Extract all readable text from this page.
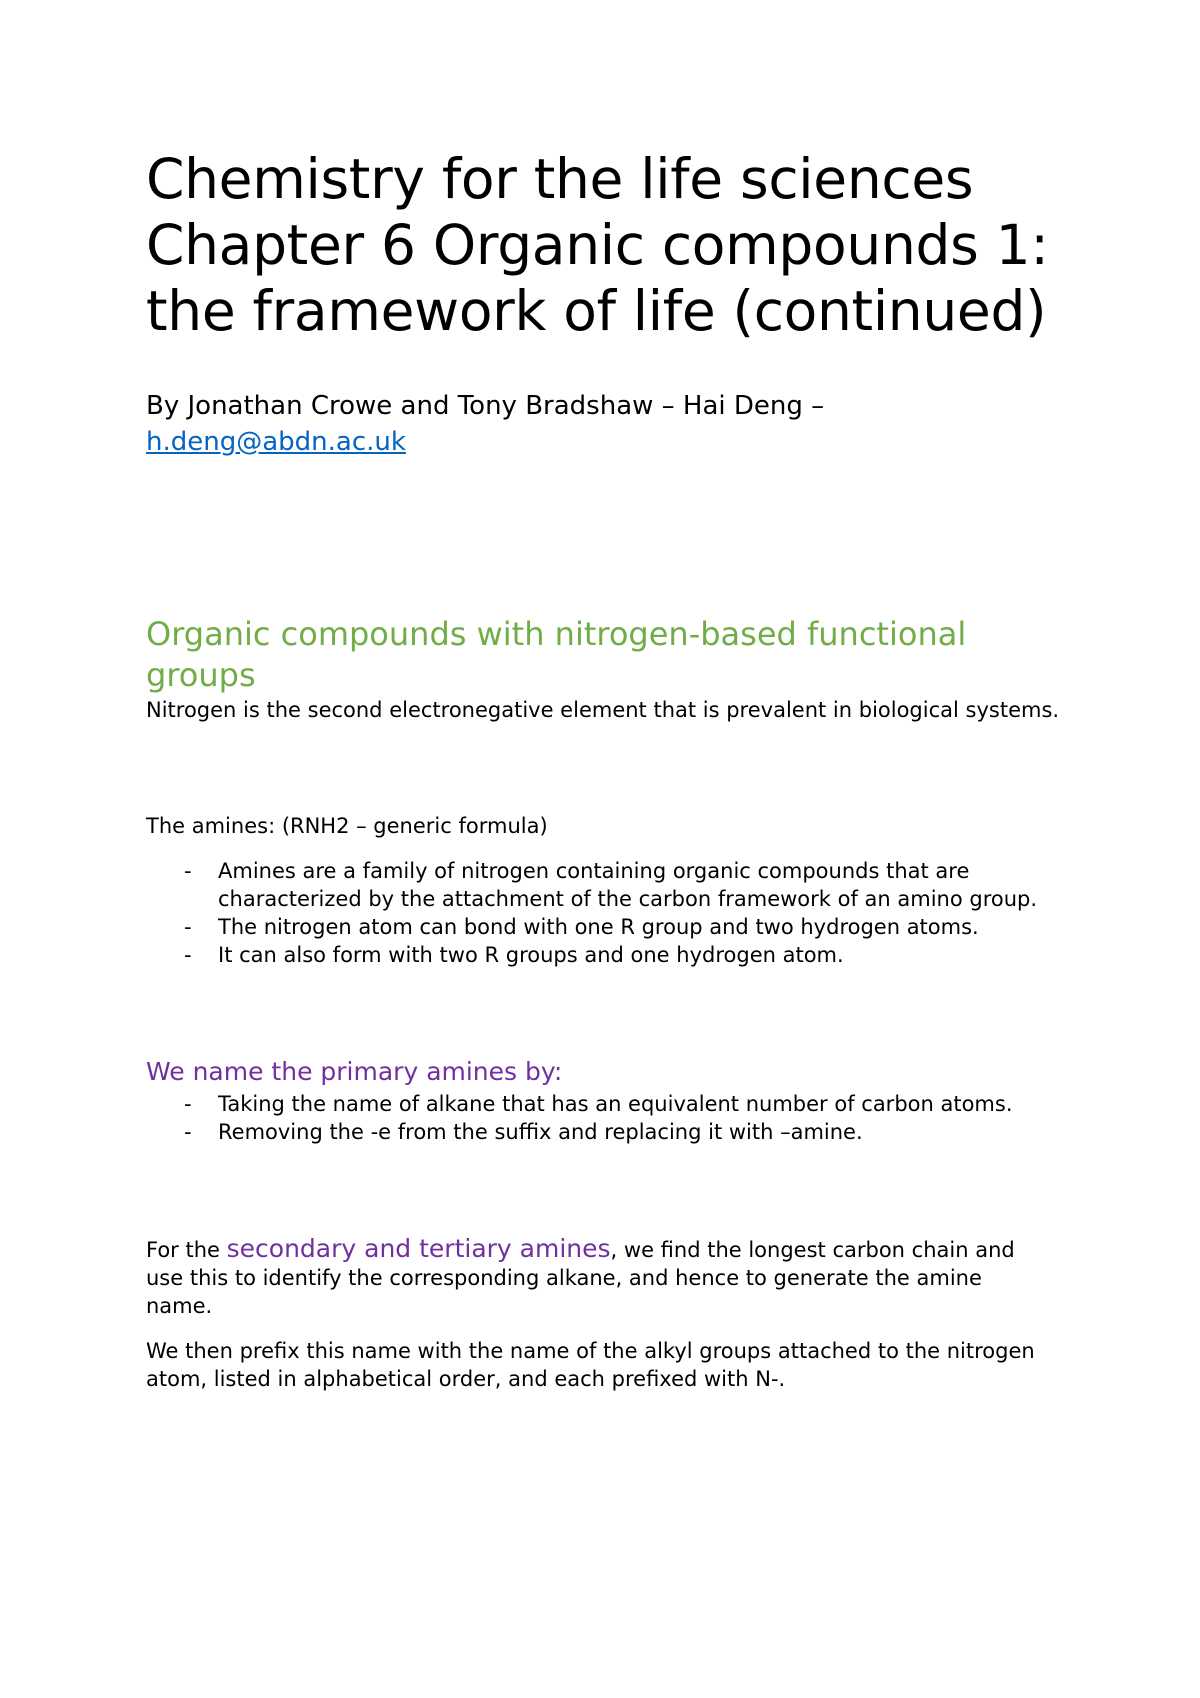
Chemistry for the life sciences
Chapter 6 Organic compounds 1:
the framework of life (continued)

By Jonathan Crowe and Tony Bradshaw – Hai Deng –
h.deng@abdn.ac.uk

Organic compounds with nitrogen-based functional groups

Nitrogen is the second electronegative element that is prevalent in biological systems.

The amines: (RNH2 – generic formula)

- Amines are a family of nitrogen containing organic compounds that are characterized by the attachment of the carbon framework of an amino group.
- The nitrogen atom can bond with one R group and two hydrogen atoms.
- It can also form with two R groups and one hydrogen atom.
We name the primary amines by:
- Taking the name of alkane that has an equivalent number of carbon atoms.
- Removing the -e from the suffix and replacing it with –amine.

For the secondary and tertiary amines, we find the longest carbon chain and use this to identify the corresponding alkane, and hence to generate the amine name.

We then prefix this name with the name of the alkyl groups attached to the nitrogen atom, listed in alphabetical order, and each prefixed with N-.
